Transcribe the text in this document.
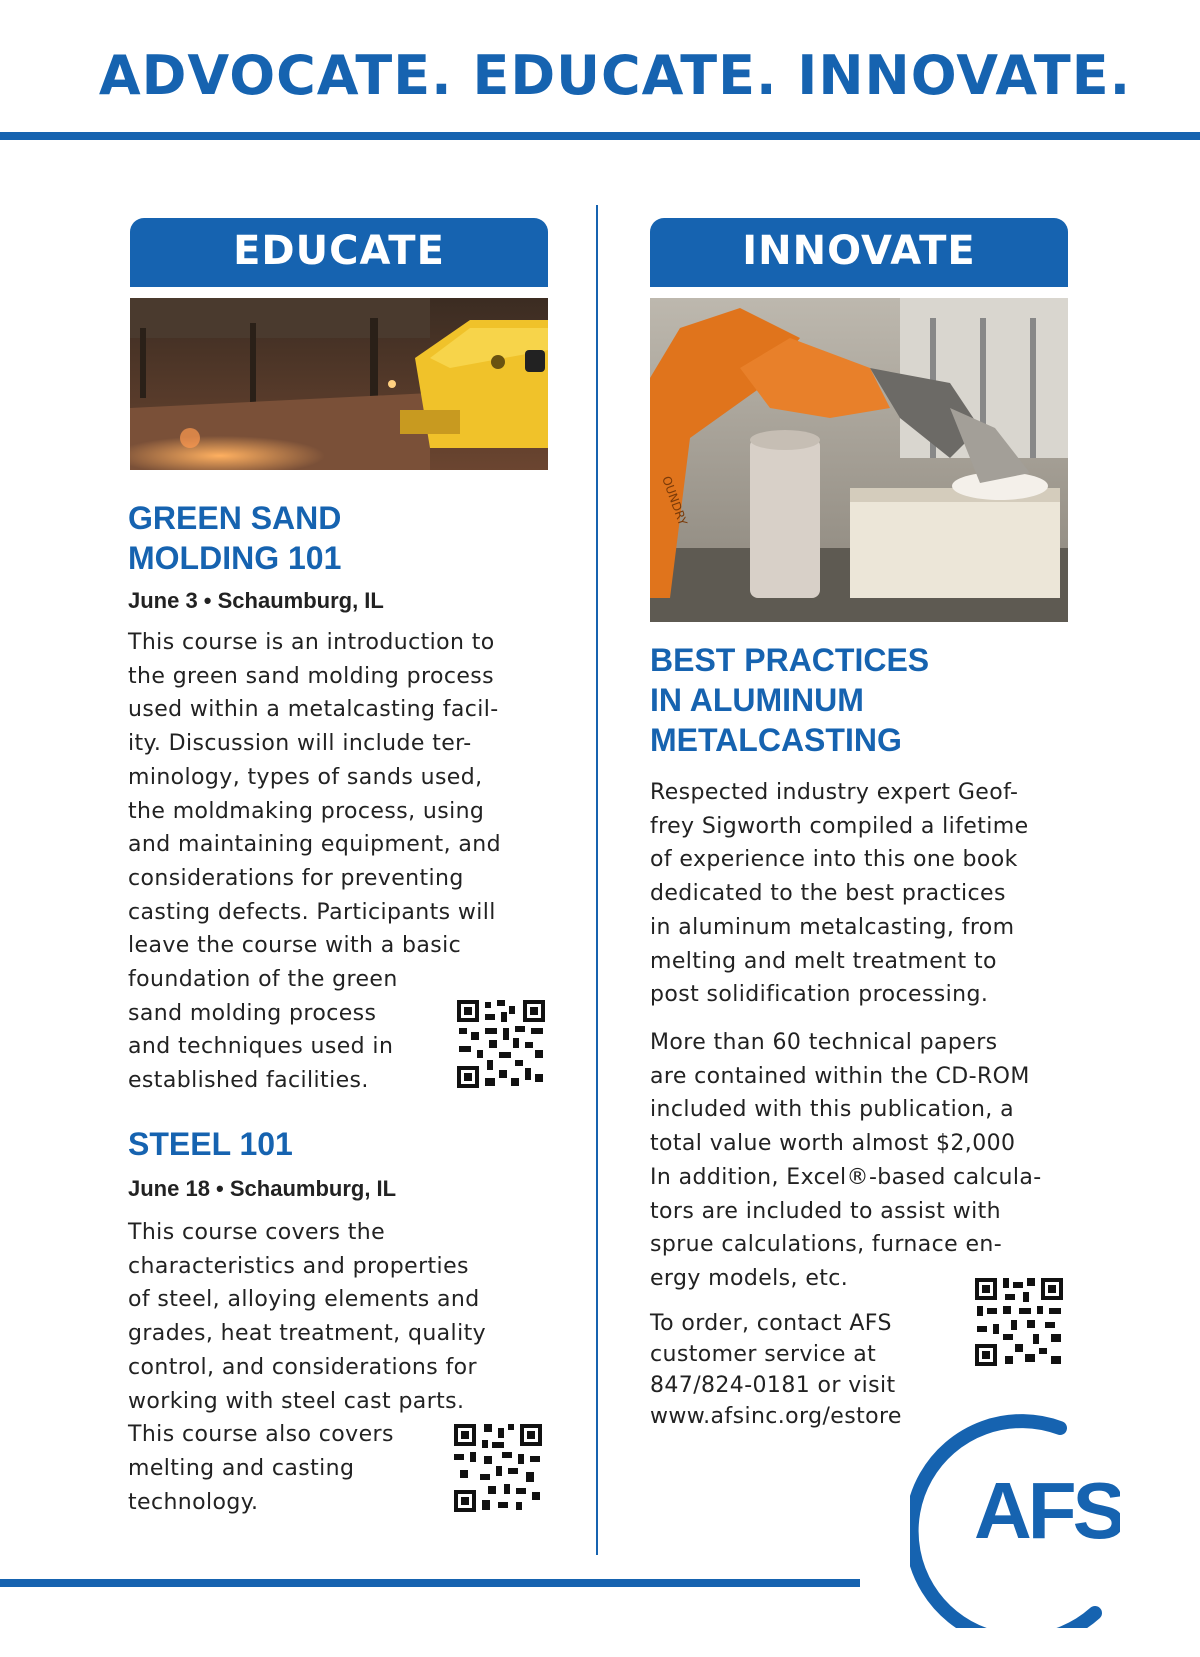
ADVOCATE. EDUCATE. INNOVATE.
EDUCATE
GREEN SAND
MOLDING 101
June 3 • Schaumburg, IL
This course is an introduction to
the green sand molding process
used within a metalcasting facil-
ity. Discussion will include ter-
minology, types of sands used,
the moldmaking process, using
and maintaining equipment, and
considerations for preventing
casting defects. Participants will
leave the course with a basic
foundation of the green
sand molding process
and techniques used in
established facilities.
STEEL 101
June 18 • Schaumburg, IL
This course covers the
characteristics and properties
of steel, alloying elements and
grades, heat treatment, quality
control, and considerations for
working with steel cast parts.
This course also covers
melting and casting
technology.
INNOVATE
OUNDRY
BEST PRACTICES
IN ALUMINUM
METALCASTING
Respected industry expert Geof-
frey Sigworth compiled a lifetime
of experience into this one book
dedicated to the best practices
in aluminum metalcasting, from
melting and melt treatment to
post solidification processing.
More than 60 technical papers
are contained within the CD-ROM
included with this publication, a
total value worth almost $2,000
In addition, Excel®-based calcula-
tors are included to assist with
sprue calculations, furnace en-
ergy models, etc.
To order, contact AFS
customer service at
847/824-0181 or visit
www.afsinc.org/estore
AFS
